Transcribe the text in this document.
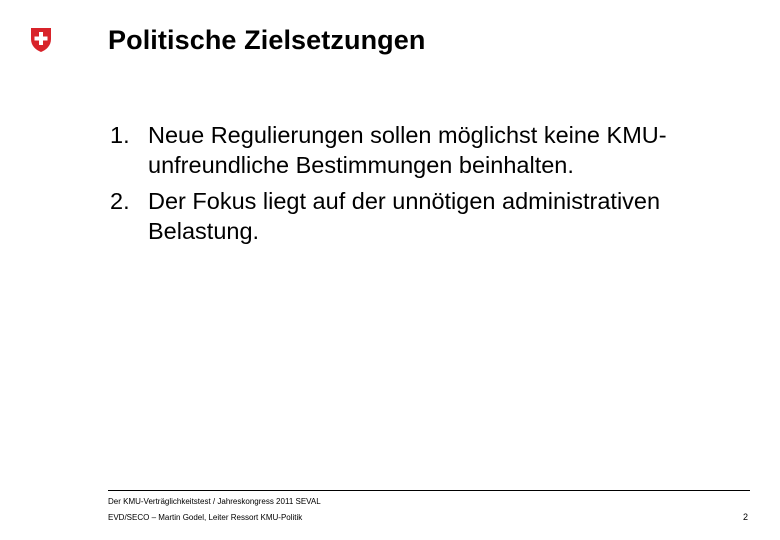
Politische Zielsetzungen
1. Neue Regulierungen sollen möglichst keine KMU-unfreundliche Bestimmungen beinhalten.
2. Der Fokus liegt auf der unnötigen administrativen Belastung.
Der KMU-Verträglichkeitstest / Jahreskongress 2011 SEVAL
EVD/SECO – Martin Godel, Leiter Ressort KMU-Politik	2
